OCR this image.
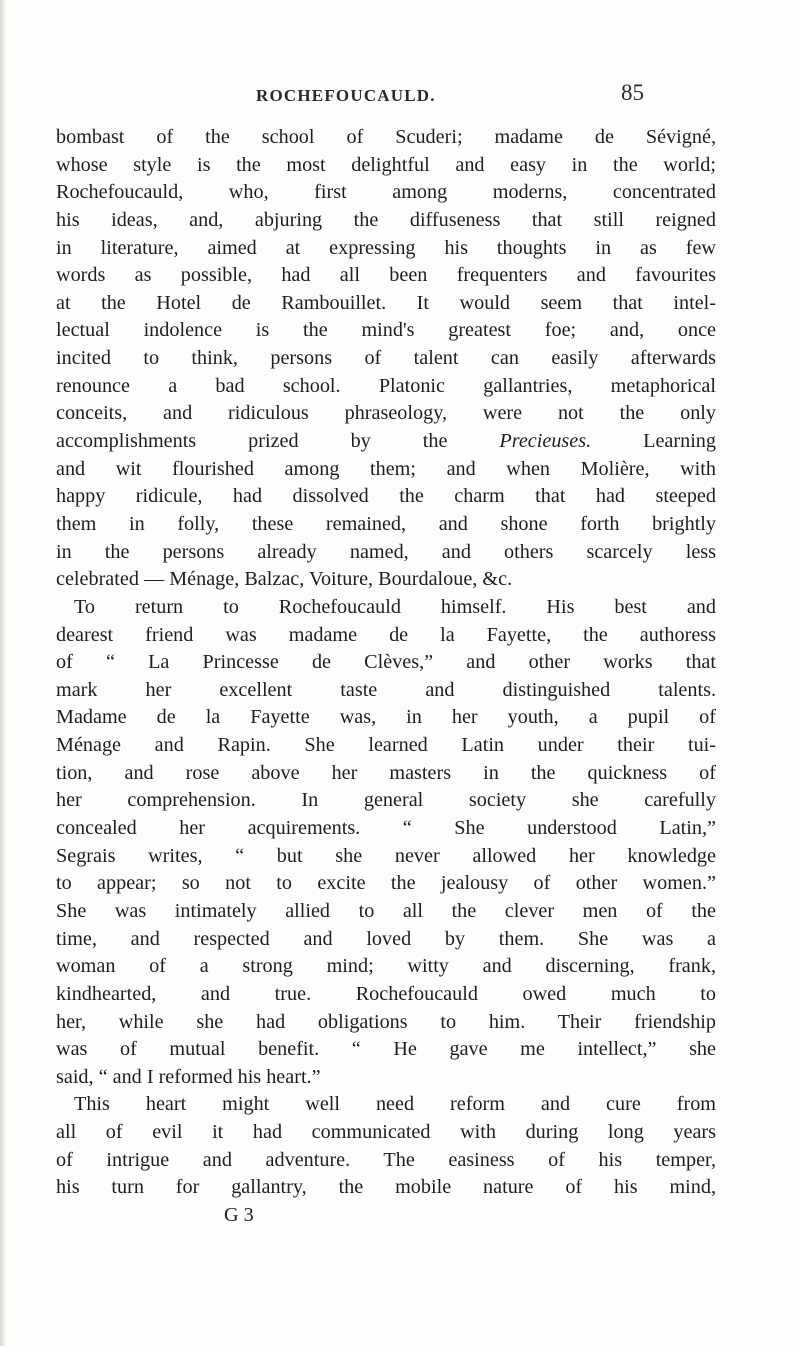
ROCHEFOUCAULD.	85
bombast of the school of Scuderi; madame de Sévigné,
whose style is the most delightful and easy in the world;
Rochefoucauld, who, first among moderns, concentrated
his ideas, and, abjuring the diffuseness that still reigned
in literature, aimed at expressing his thoughts in as few
words as possible, had all been frequenters and favourites
at the Hotel de Rambouillet. It would seem that intel-
lectual indolence is the mind's greatest foe; and, once
incited to think, persons of talent can easily afterwards
renounce a bad school. Platonic gallantries, metaphorical
conceits, and ridiculous phraseology, were not the only
accomplishments prized by the	Precieuses.	Learning
and wit flourished among them; and when Molière, with
happy ridicule, had dissolved the charm that had steeped
them in folly, these remained, and shone forth brightly
in the persons already named, and others scarcely less
celebrated — Ménage, Balzac, Voiture, Bourdaloue, &c.
To return to Rochefoucauld himself. His best and
dearest friend was madame de la Fayette, the authoress
of “ La Princesse de Clèves,” and other works that
mark her excellent taste and distinguished talents.
Madame de la Fayette was, in her youth, a pupil of
Ménage and Rapin. She learned Latin under their tui-
tion, and rose above her masters in the quickness of
her comprehension. In general society she carefully
concealed her acquirements. “ She understood Latin,”
Segrais writes, “ but she never allowed her knowledge
to appear; so not to excite the jealousy of other women.”
She was intimately allied to all the clever men of the
time, and respected and loved by them. She was a
woman of a strong mind; witty and discerning, frank,
kindhearted, and true. Rochefoucauld owed much to
her, while she had obligations to him. Their friendship
was of mutual benefit. “ He gave me intellect,” she
said, “ and I reformed his heart.”
This heart might well need reform and cure from
all of evil it had communicated with during long years
of intrigue and adventure. The easiness of his temper,
his turn for gallantry, the mobile nature of his mind,
G 3
